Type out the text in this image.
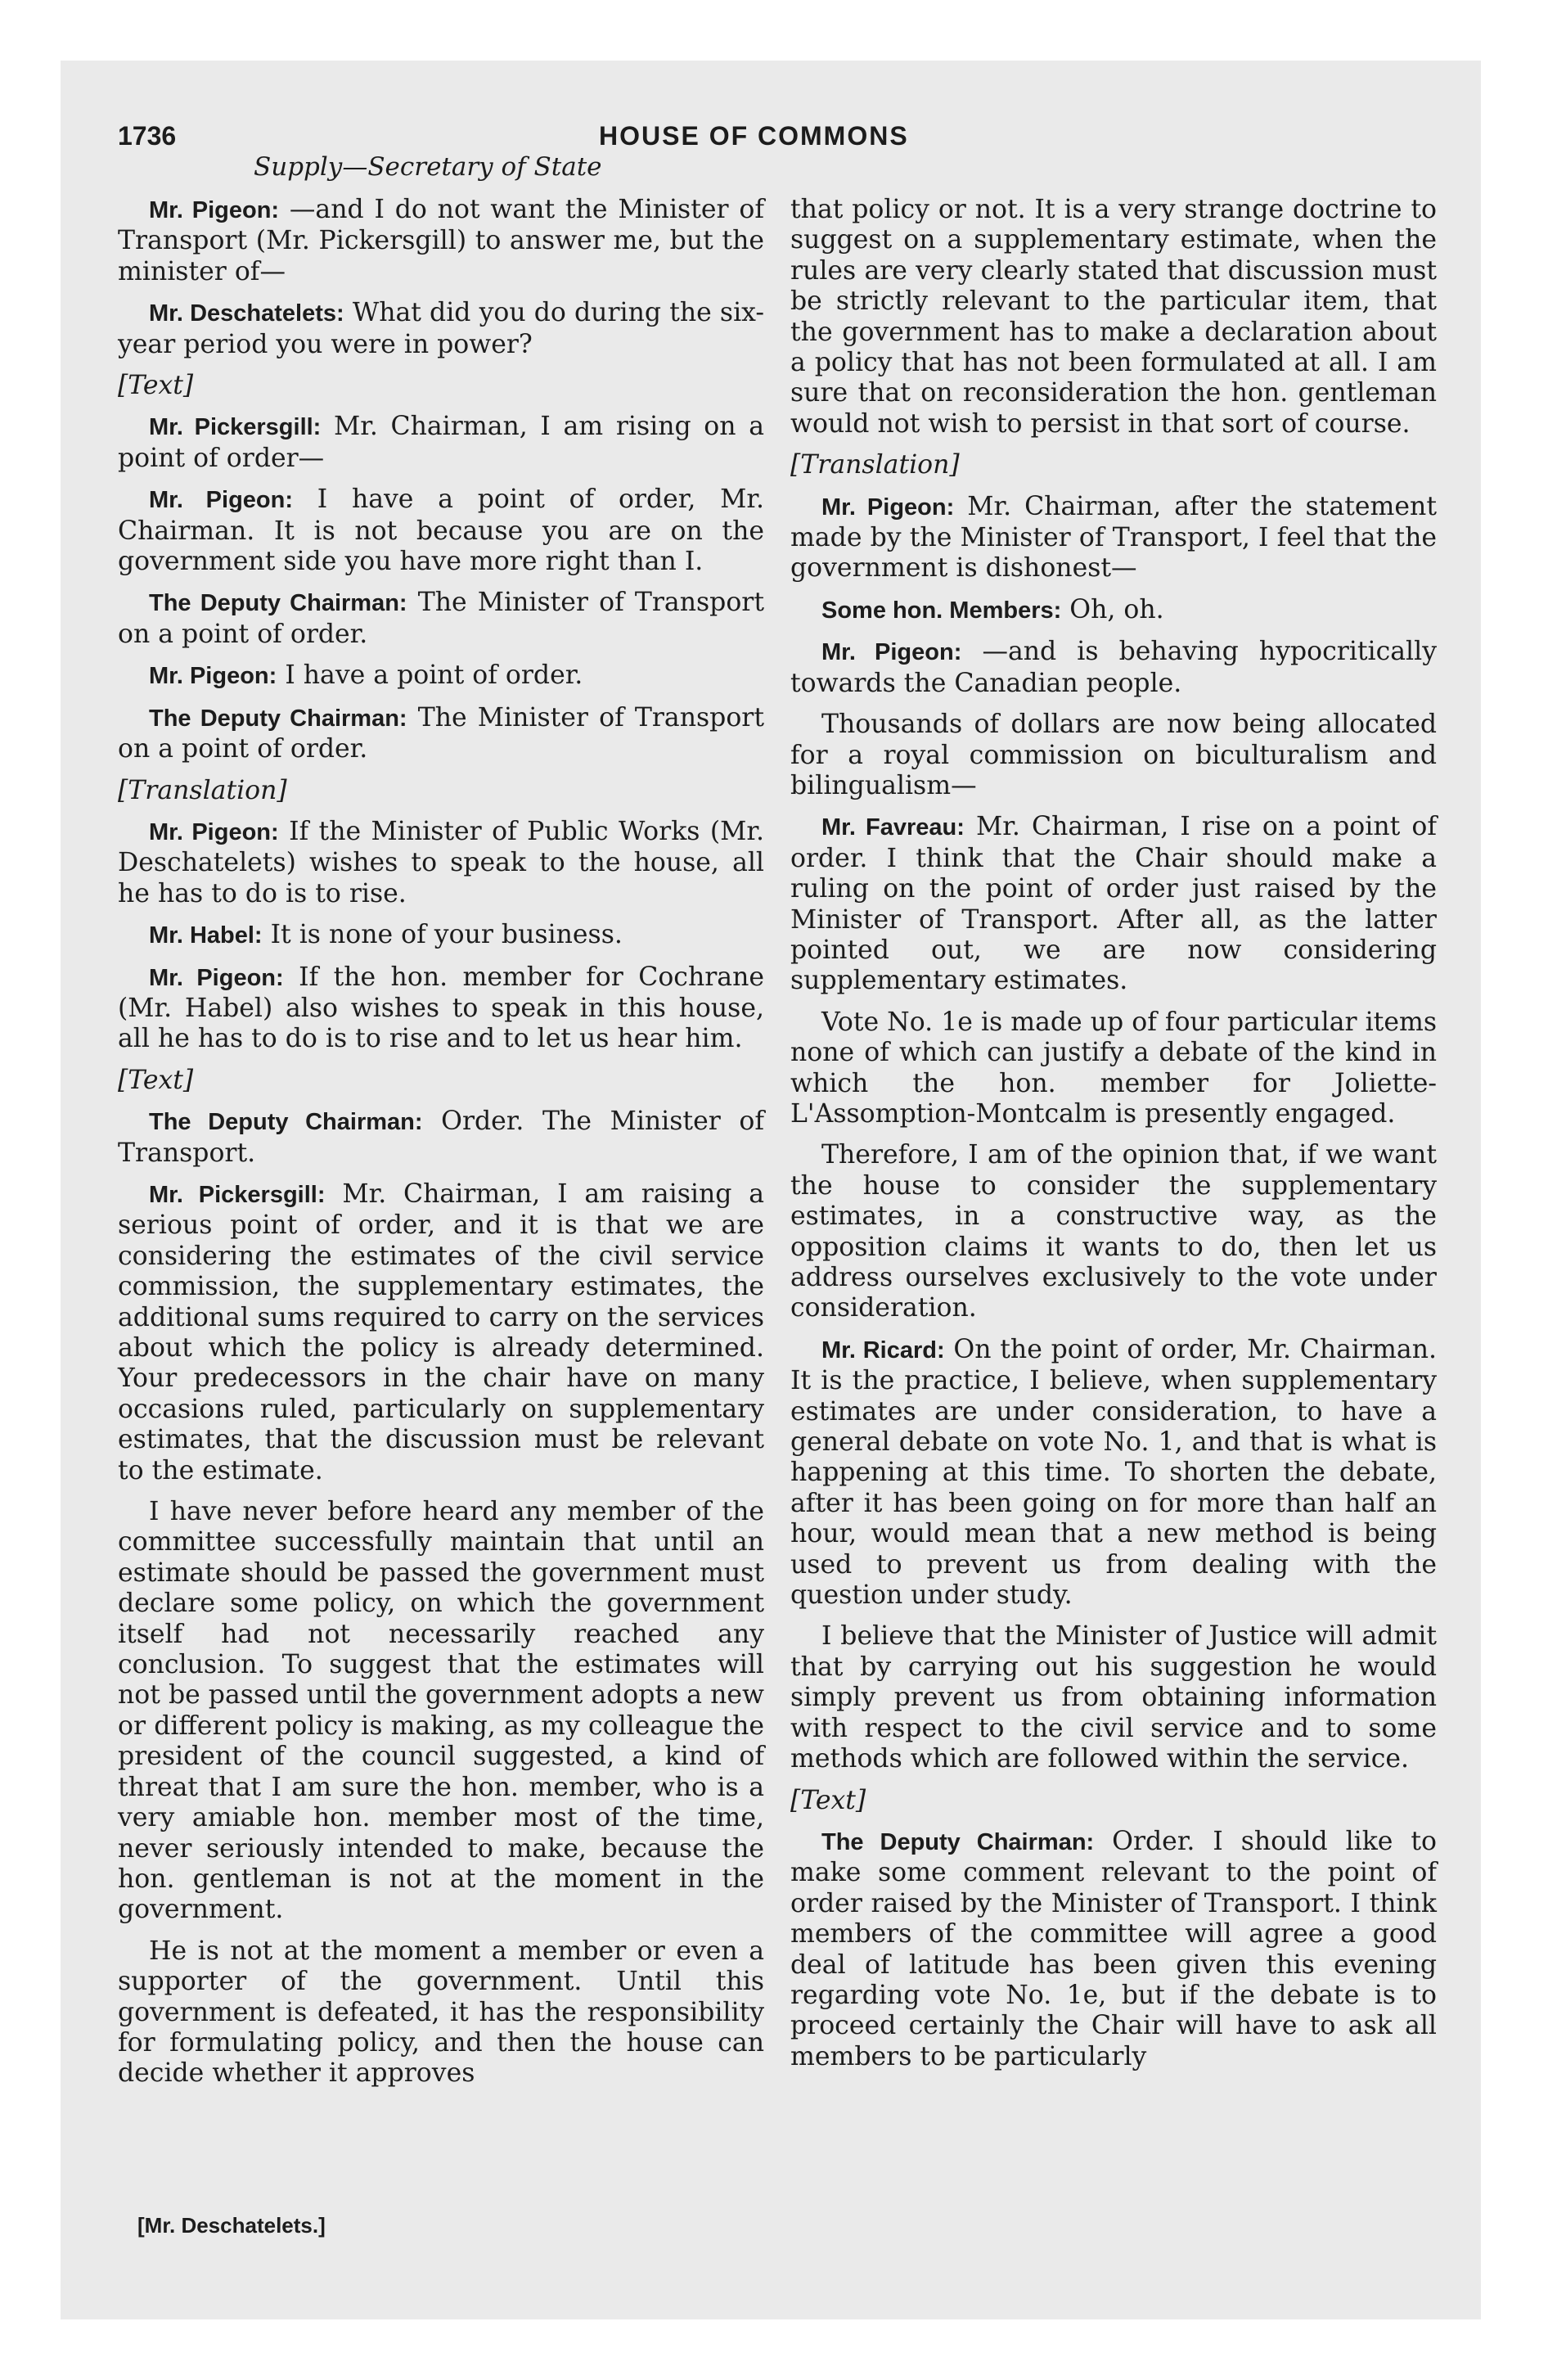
1736	HOUSE OF COMMONS
Supply—Secretary of State

Mr. Pigeon: —and I do not want the Minister of Transport (Mr. Pickersgill) to answer me, but the minister of—

Mr. Deschatelets: What did you do during the six-year period you were in power?

[Text]

Mr. Pickersgill: Mr. Chairman, I am rising on a point of order—

Mr. Pigeon: I have a point of order, Mr. Chairman. It is not because you are on the government side you have more right than I.

The Deputy Chairman: The Minister of Transport on a point of order.

Mr. Pigeon: I have a point of order.

The Deputy Chairman: The Minister of Transport on a point of order.

[Translation]

Mr. Pigeon: If the Minister of Public Works (Mr. Deschatelets) wishes to speak to the house, all he has to do is to rise.

Mr. Habel: It is none of your business.

Mr. Pigeon: If the hon. member for Cochrane (Mr. Habel) also wishes to speak in this house, all he has to do is to rise and to let us hear him.

[Text]

The Deputy Chairman: Order. The Minister of Transport.

Mr. Pickersgill: Mr. Chairman, I am raising a serious point of order, and it is that we are considering the estimates of the civil service commission, the supplementary estimates, the additional sums required to carry on the services about which the policy is already determined. Your predecessors in the chair have on many occasions ruled, particularly on supplementary estimates, that the discussion must be relevant to the estimate.

I have never before heard any member of the committee successfully maintain that until an estimate should be passed the government must declare some policy, on which the government itself had not necessarily reached any conclusion. To suggest that the estimates will not be passed until the government adopts a new or different policy is making, as my colleague the president of the council suggested, a kind of threat that I am sure the hon. member, who is a very amiable hon. member most of the time, never seriously intended to make, because the hon. gentleman is not at the moment in the government.

He is not at the moment a member or even a supporter of the government. Until this government is defeated, it has the responsibility for formulating policy, and then the house can decide whether it approves

that policy or not. It is a very strange doctrine to suggest on a supplementary estimate, when the rules are very clearly stated that discussion must be strictly relevant to the particular item, that the government has to make a declaration about a policy that has not been formulated at all. I am sure that on reconsideration the hon. gentleman would not wish to persist in that sort of course.

[Translation]

Mr. Pigeon: Mr. Chairman, after the statement made by the Minister of Transport, I feel that the government is dishonest—

Some hon. Members: Oh, oh.

Mr. Pigeon: —and is behaving hypocritically towards the Canadian people.

Thousands of dollars are now being allocated for a royal commission on biculturalism and bilingualism—

Mr. Favreau: Mr. Chairman, I rise on a point of order. I think that the Chair should make a ruling on the point of order just raised by the Minister of Transport. After all, as the latter pointed out, we are now considering supplementary estimates.

Vote No. 1e is made up of four particular items none of which can justify a debate of the kind in which the hon. member for Joliette-L'Assomption-Montcalm is presently engaged.

Therefore, I am of the opinion that, if we want the house to consider the supplementary estimates, in a constructive way, as the opposition claims it wants to do, then let us address ourselves exclusively to the vote under consideration.

Mr. Ricard: On the point of order, Mr. Chairman. It is the practice, I believe, when supplementary estimates are under consideration, to have a general debate on vote No. 1, and that is what is happening at this time. To shorten the debate, after it has been going on for more than half an hour, would mean that a new method is being used to prevent us from dealing with the question under study.

I believe that the Minister of Justice will admit that by carrying out his suggestion he would simply prevent us from obtaining information with respect to the civil service and to some methods which are followed within the service.

[Text]

The Deputy Chairman: Order. I should like to make some comment relevant to the point of order raised by the Minister of Transport. I think members of the committee will agree a good deal of latitude has been given this evening regarding vote No. 1e, but if the debate is to proceed certainly the Chair will have to ask all members to be particularly

[Mr. Deschatelets.]
